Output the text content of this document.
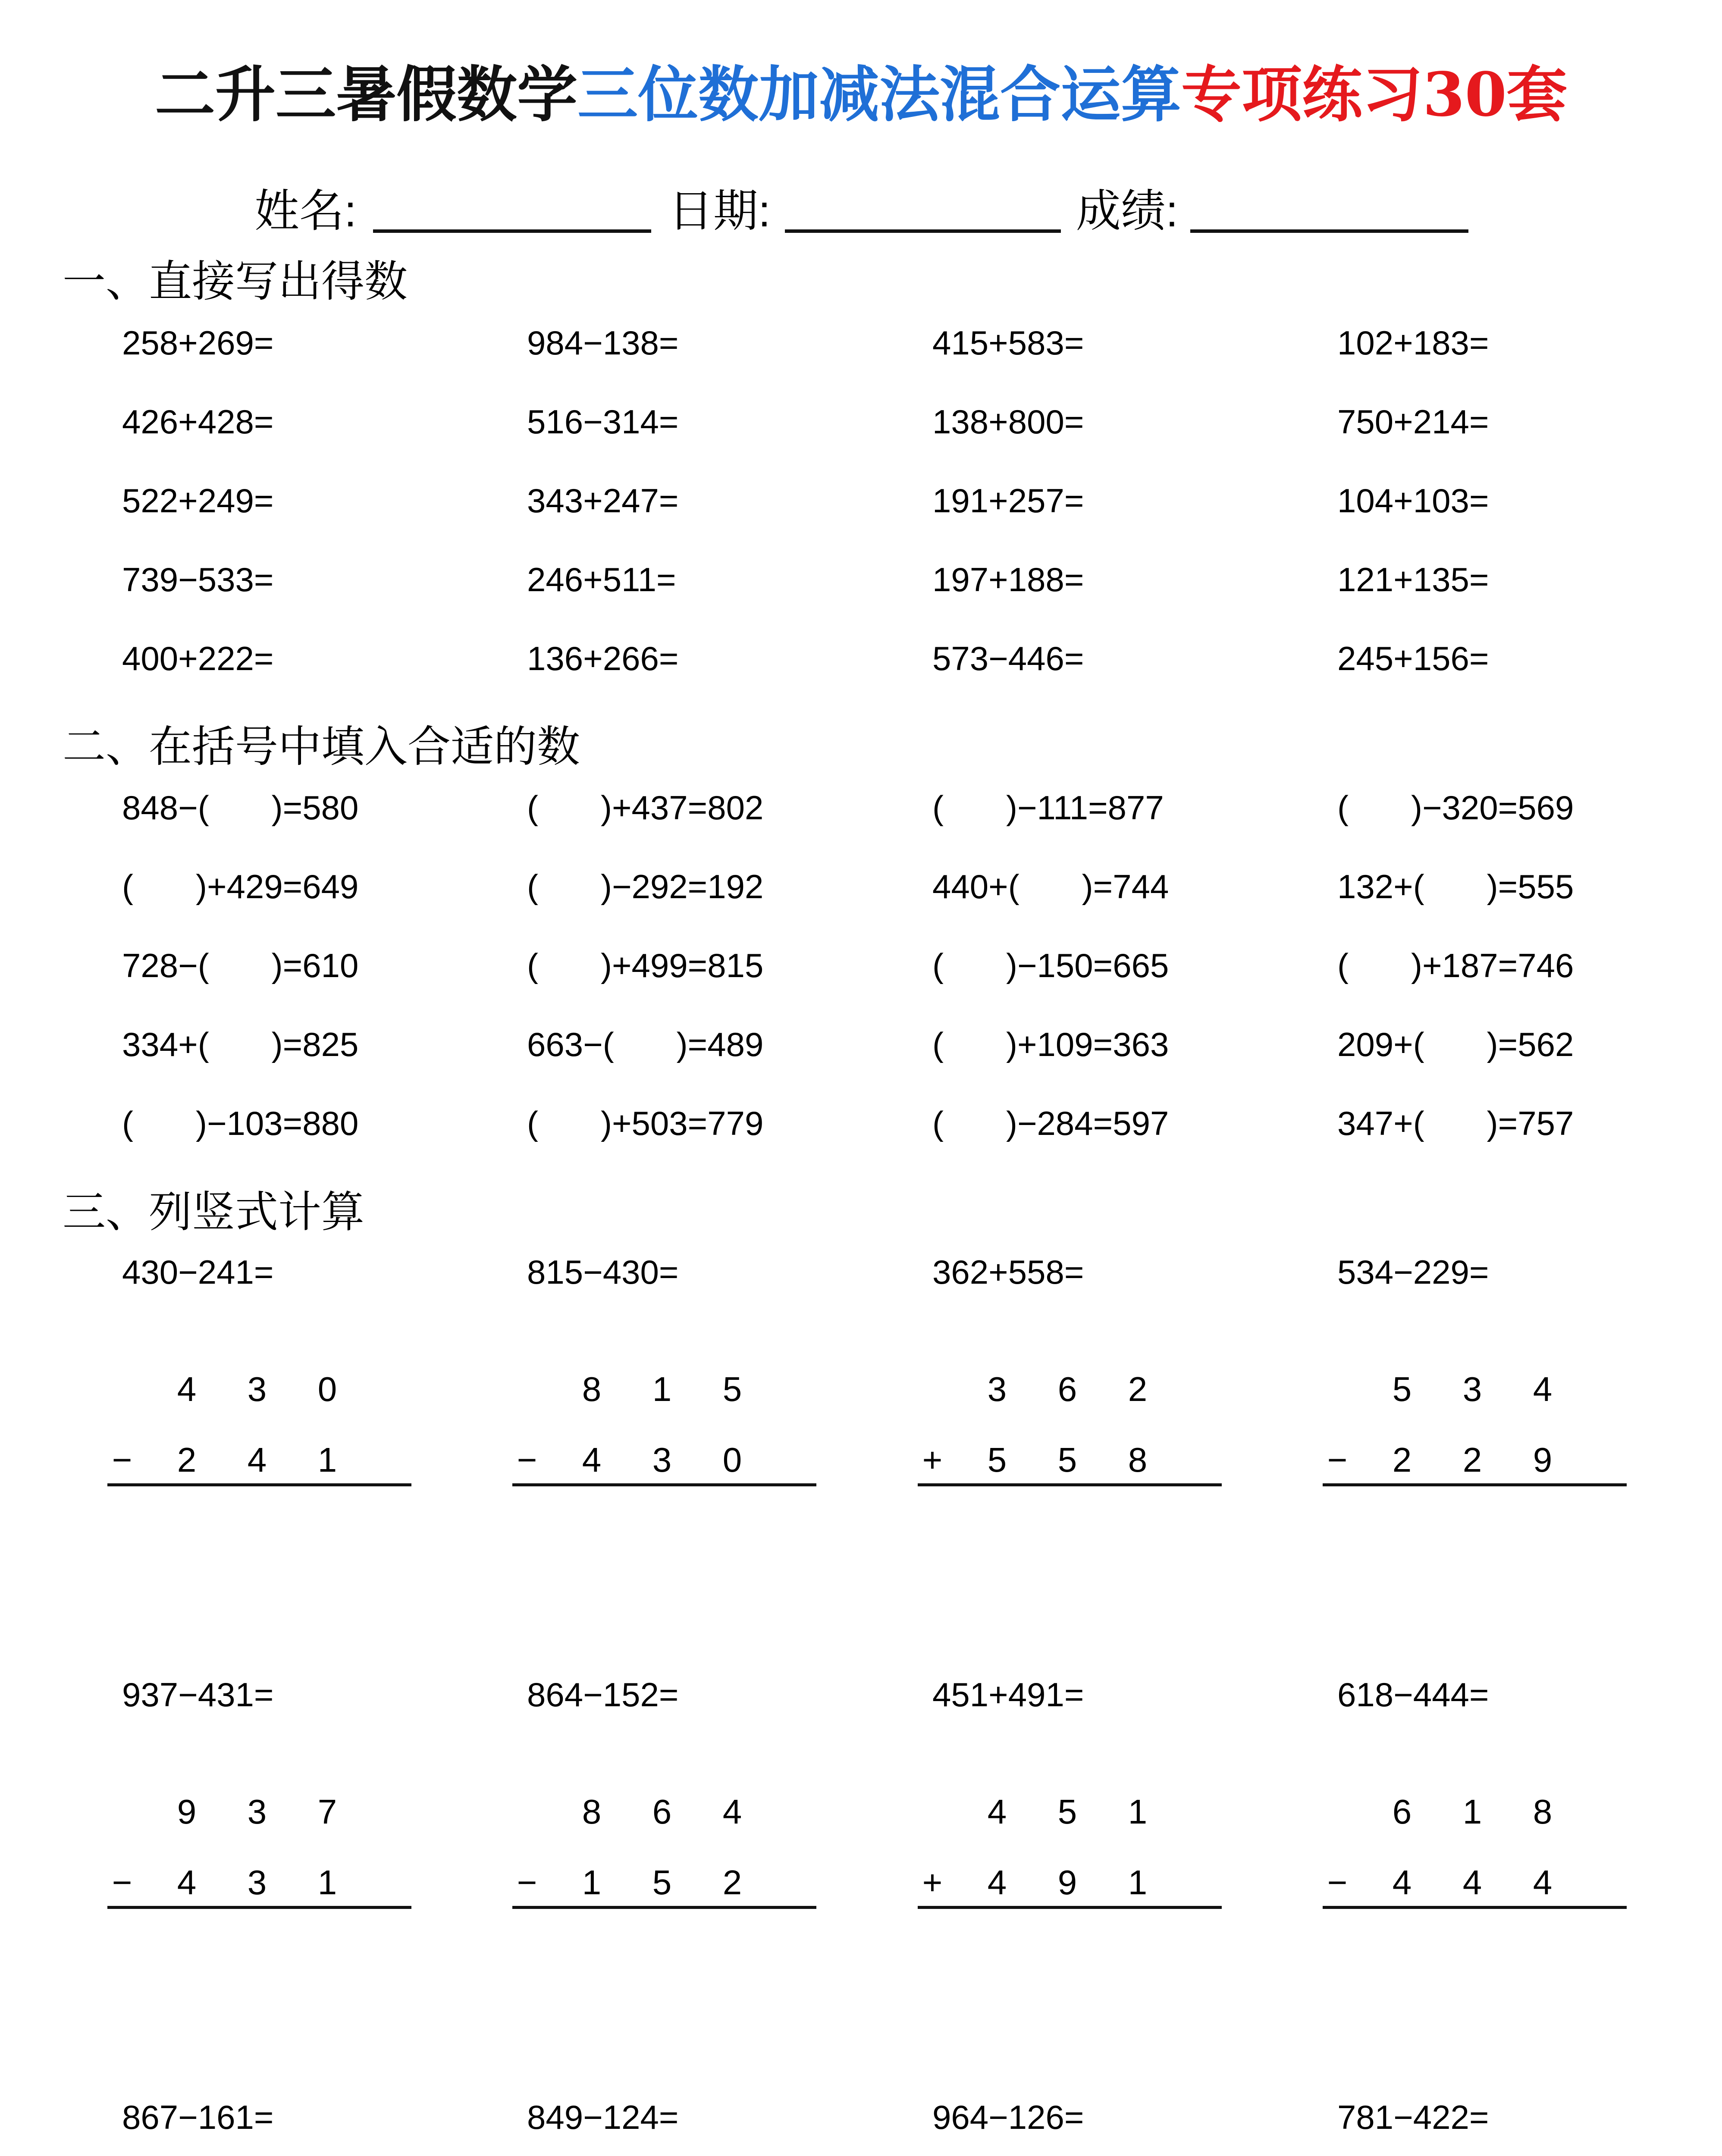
二升三暑假数学三位数加减法混合运算专项练习30套
姓名:	日期:	成绩:
一、直接写出得数
258+269=	984−138=	415+583=	102+183=
426+428=	516−314=	138+800=	750+214=
522+249=	343+247=	191+257=	104+103=
739−533=	246+511=	197+188=	121+135=
400+222=	136+266=	573−446=	245+156=
二、在括号中填入合适的数
848−( )=580	( )+437=802	( )−111=877	( )−320=569
( )+429=649	( )−292=192	440+( )=744	132+( )=555
728−( )=610	( )+499=815	( )−150=665	( )+187=746
334+( )=825	663−( )=489	( )+109=363	209+( )=562
( )−103=880	( )+503=779	( )−284=597	347+( )=757
三、列竖式计算
430−241=
4 3 0
− 2 4 1
815−430=
8 1 5
− 4 3 0
362+558=
3 6 2
+ 5 5 8
534−229=
5 3 4
− 2 2 9
937−431=
9 3 7
− 4 3 1
864−152=
8 6 4
− 1 5 2
451+491=
4 5 1
+ 4 9 1
618−444=
6 1 8
− 4 4 4
867−161=	849−124=	964−126=	781−422=
